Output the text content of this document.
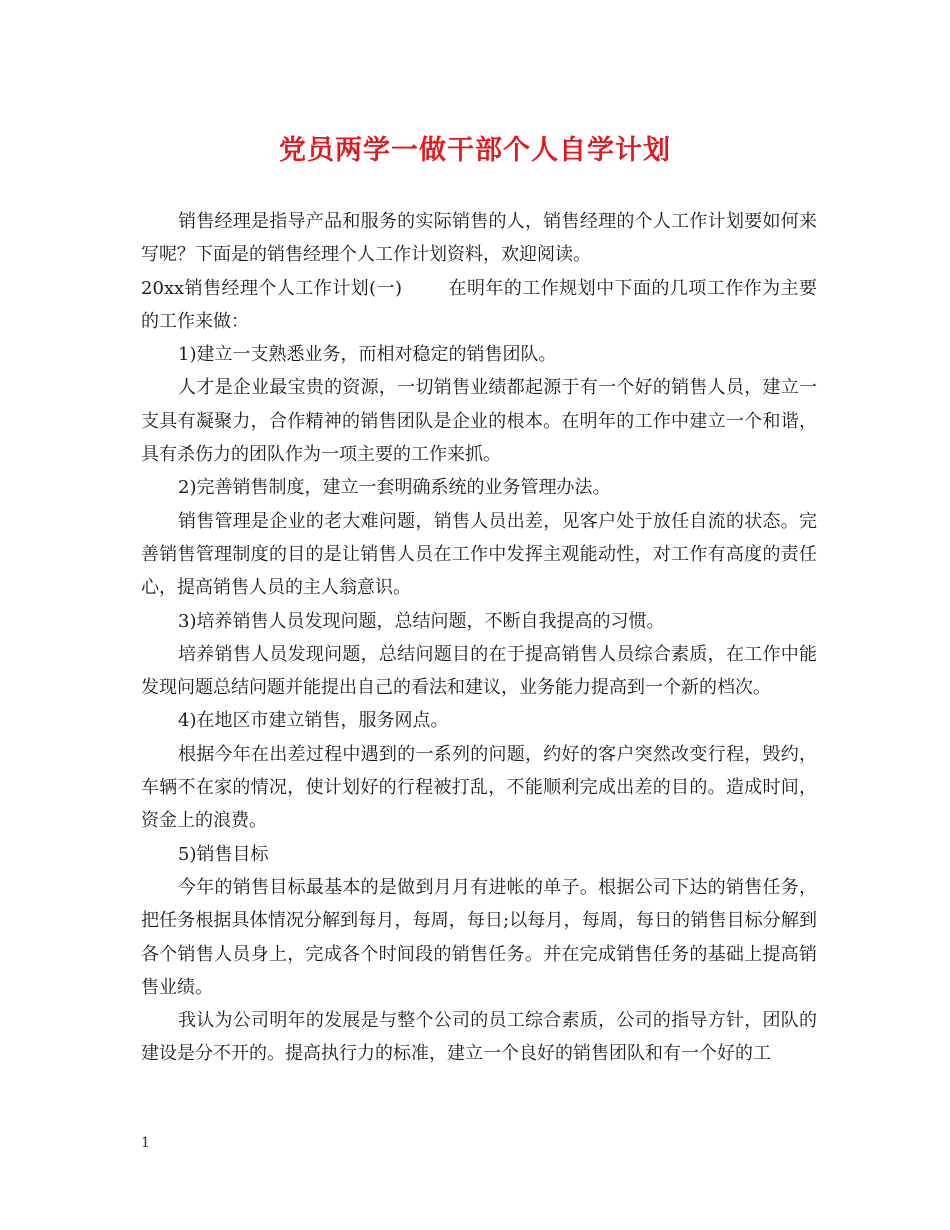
党员两学一做干部个人自学计划

销售经理是指导产品和服务的实际销售的人，销售经理的个人工作计划要如何来写呢？下面是的销售经理个人工作计划资料，欢迎阅读。

20xx销售经理个人工作计划(一)	在明年的工作规划中下面的几项工作作为主要的工作来做：

1)建立一支熟悉业务，而相对稳定的销售团队。

人才是企业最宝贵的资源，一切销售业绩都起源于有一个好的销售人员，建立一支具有凝聚力，合作精神的销售团队是企业的根本。在明年的工作中建立一个和谐，具有杀伤力的团队作为一项主要的工作来抓。

2)完善销售制度，建立一套明确系统的业务管理办法。

销售管理是企业的老大难问题，销售人员出差，见客户处于放任自流的状态。完善销售管理制度的目的是让销售人员在工作中发挥主观能动性，对工作有高度的责任心，提高销售人员的主人翁意识。

3)培养销售人员发现问题，总结问题，不断自我提高的习惯。

培养销售人员发现问题，总结问题目的在于提高销售人员综合素质，在工作中能发现问题总结问题并能提出自己的看法和建议，业务能力提高到一个新的档次。

4)在地区市建立销售，服务网点。

根据今年在出差过程中遇到的一系列的问题，约好的客户突然改变行程，毁约，车辆不在家的情况，使计划好的行程被打乱，不能顺利完成出差的目的。造成时间，资金上的浪费。

5)销售目标

今年的销售目标最基本的是做到月月有进帐的单子。根据公司下达的销售任务，把任务根据具体情况分解到每月，每周，每日;以每月，每周，每日的销售目标分解到各个销售人员身上，完成各个时间段的销售任务。并在完成销售任务的基础上提高销售业绩。

我认为公司明年的发展是与整个公司的员工综合素质，公司的指导方针，团队的建设是分不开的。提高执行力的标准，建立一个良好的销售团队和有一个好的工

1
